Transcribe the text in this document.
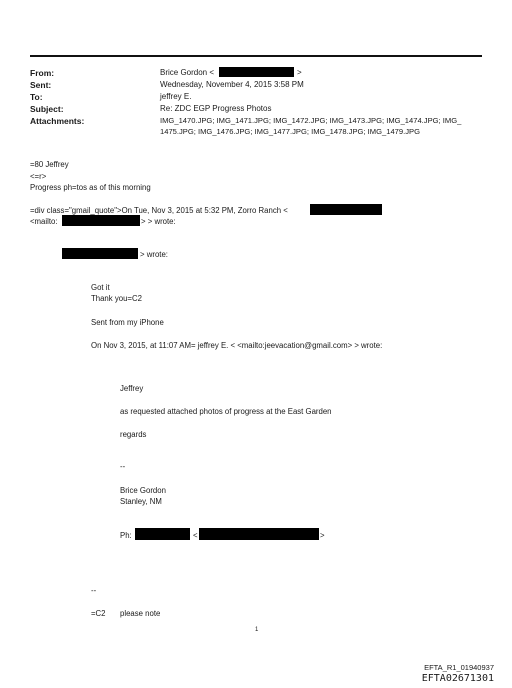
From:	Brice Gordon <	>
Sent:	Wednesday, November 4, 2015 3:58 PM
To:	jeffrey E.
Subject:	Re: ZDC EGP Progress Photos
Attachments:	IMG_1470.JPG; IMG_1471.JPG; IMG_1472.JPG; IMG_1473.JPG; IMG_1474.JPG; IMG_
1475.JPG; IMG_1476.JPG; IMG_1477.JPG; IMG_1478.JPG; IMG_1479.JPG
=80 Jeffrey
<=r>
Progress ph=tos as of this morning
=div class="gmail_quote">On Tue, Nov 3, 2015 at 5:32 PM, Zorro Ranch <
<mailto:	> > wrote:
> wrote:
Got it
Thank you=C2
Sent from my iPhone
On Nov 3, 2015, at 11:07 AM= jeffrey E. < <mailto:jeevacation@gmail.com> > wrote:
Jeffrey
as requested attached photos of progress at the East Garden
regards
--
Brice Gordon
Stanley, NM
Ph:	<	>
--
=C2 please note
1
EFTA_R1_01940937
EFTA02671301
